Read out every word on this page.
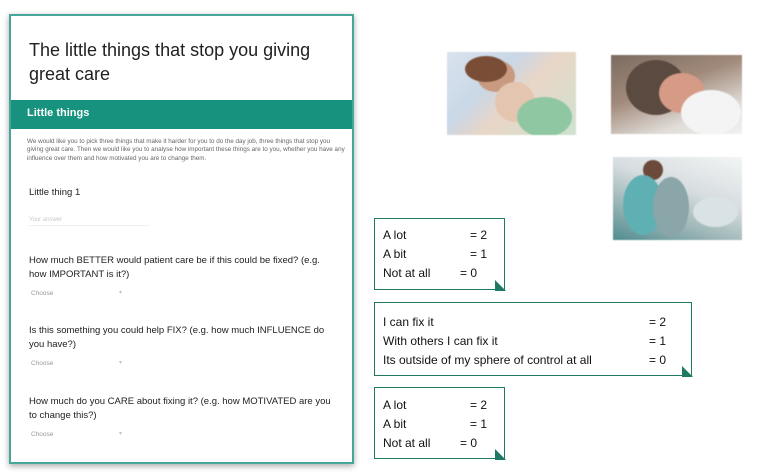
The little things that stop you giving great care
Little things
We would like you to pick three things that make it harder for you to do the day job, three things that stop you giving great care. Then we would like you to analyse how important these things are to you, whether you have any influence over them and how motivated you are to change them.
Little thing 1
Your answer
How much BETTER would patient care be if this could be fixed? (e.g. how IMPORTANT is it?)
Choose	▾
Is this something you could help FIX? (e.g. how much INFLUENCE do you have?)
Choose	▾
How much do you CARE about fixing it? (e.g. how MOTIVATED are you to change this?)
Choose	▾
A lot	= 2
A bit	= 1
Not at all = 0
I can fix it	= 2
With others I can fix it	= 1
Its outside of my sphere of control at all	= 0
A lot	= 2
A bit	= 1
Not at all = 0
